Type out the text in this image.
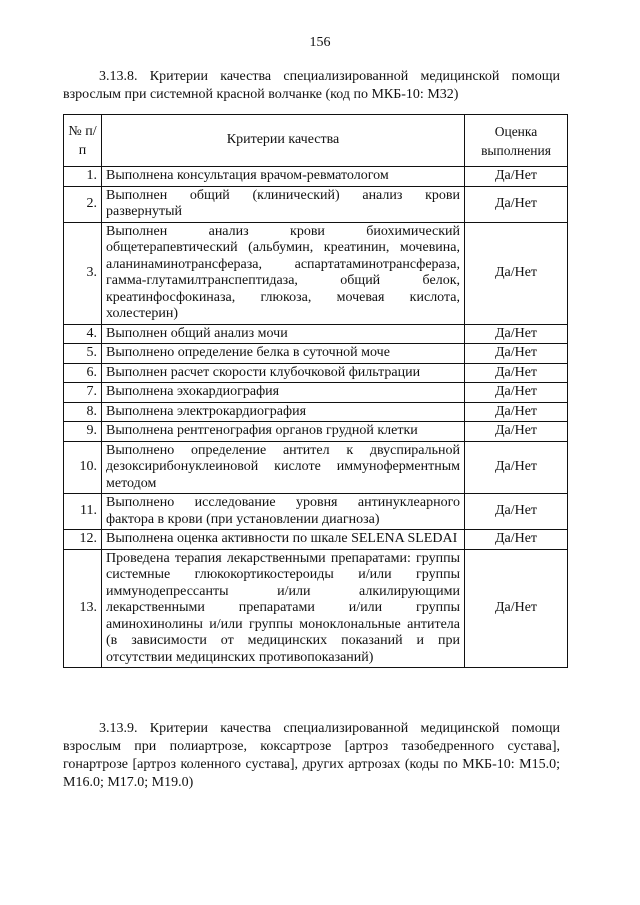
156
3.13.8. Критерии качества специализированной медицинской помощи взрослым при системной красной волчанке (код по МКБ-10: М32)
№ п/п	Критерии качества	Оценка выполнения
1.	Выполнена консультация врачом-ревматологом	Да/Нет
2.	Выполнен общий (клинический) анализ крови развернутый	Да/Нет
3.	Выполнен анализ крови биохимический общетерапевтический (альбумин, креатинин, мочевина, аланинаминотрансфераза, аспартатаминотрансфераза, гамма-глутамилтранспептидаза, общий белок, креатинфосфокиназа, глюкоза, мочевая кислота, холестерин)	Да/Нет
4.	Выполнен общий анализ мочи	Да/Нет
5.	Выполнено определение белка в суточной моче	Да/Нет
6.	Выполнен расчет скорости клубочковой фильтрации	Да/Нет
7.	Выполнена эхокардиография	Да/Нет
8.	Выполнена электрокардиография	Да/Нет
9.	Выполнена рентгенография органов грудной клетки	Да/Нет
10.	Выполнено определение антител к двуспиральной дезоксирибонуклеиновой кислоте иммуноферментным методом	Да/Нет
11.	Выполнено исследование уровня антинуклеарного фактора в крови (при установлении диагноза)	Да/Нет
12.	Выполнена оценка активности по шкале SELENA SLEDAI	Да/Нет
13.	Проведена терапия лекарственными препаратами: группы системные глюкокортикостероиды и/или группы иммунодепрессанты и/или алкилирующими лекарственными препаратами и/или группы аминохинолины и/или группы моноклональные антитела (в зависимости от медицинских показаний и при отсутствии медицинских противопоказаний)	Да/Нет
3.13.9. Критерии качества специализированной медицинской помощи взрослым при полиартрозе, коксартрозе [артроз тазобедренного сустава], гонартрозе [артроз коленного сустава], других артрозах (коды по МКБ-10: M15.0; M16.0; M17.0; M19.0)
